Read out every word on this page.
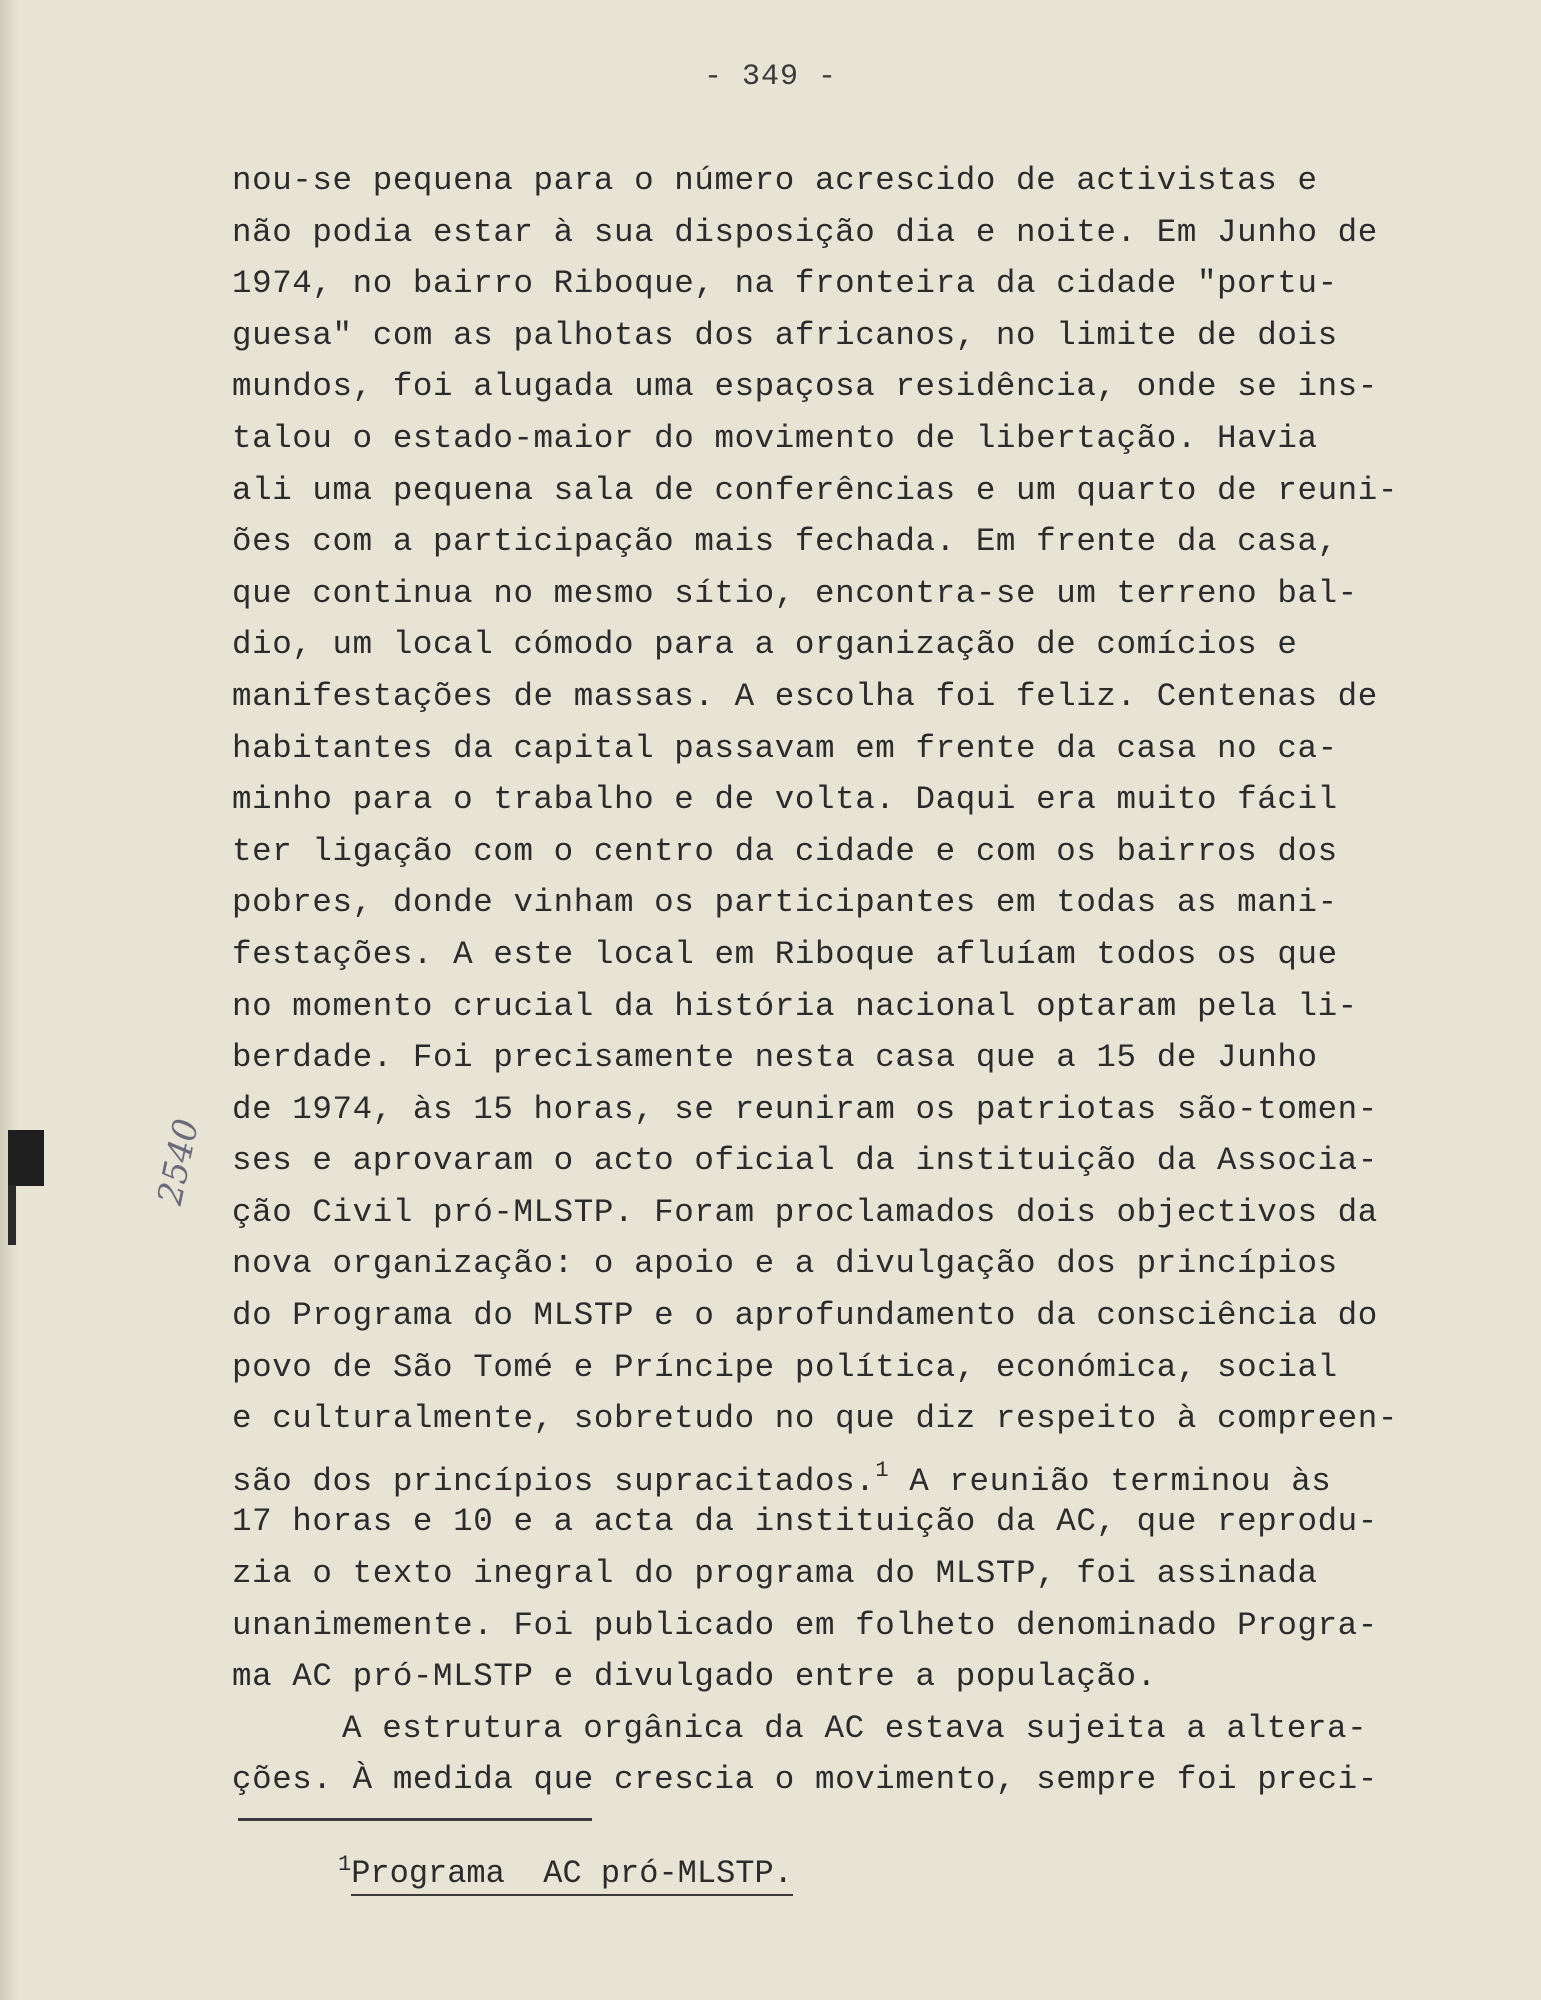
- 349 -
2540
nou-se pequena para o número acrescido de activistas e
não podia estar à sua disposição dia e noite. Em Junho de
1974, no bairro Riboque, na fronteira da cidade "portu-
guesa" com as palhotas dos africanos, no limite de dois
mundos, foi alugada uma espaçosa residência, onde se ins-
talou o estado-maior do movimento de libertação. Havia
ali uma pequena sala de conferências e um quarto de reuni-
ões com a participação mais fechada. Em frente da casa,
que continua no mesmo sítio, encontra-se um terreno bal-
dio, um local cómodo para a organização de comícios e
manifestações de massas. A escolha foi feliz. Centenas de
habitantes da capital passavam em frente da casa no ca-
minho para o trabalho e de volta. Daqui era muito fácil
ter ligação com o centro da cidade e com os bairros dos
pobres, donde vinham os participantes em todas as mani-
festações. A este local em Riboque afluíam todos os que
no momento crucial da história nacional optaram pela li-
berdade. Foi precisamente nesta casa que a 15 de Junho
de 1974, às 15 horas, se reuniram os patriotas são-tomen-
ses e aprovaram o acto oficial da instituição da Associa-
ção Civil pró-MLSTP. Foram proclamados dois objectivos da
nova organização: o apoio e a divulgação dos princípios
do Programa do MLSTP e o aprofundamento da consciência do
povo de São Tomé e Príncipe política, económica, social
e culturalmente, sobretudo no que diz respeito à compreen-
são dos princípios supracitados.$^1$ A reunião terminou às
17 horas e 10 e a acta da instituição da AC, que reprodu-
zia o texto inegral do programa do MLSTP, foi assinada
unanimemente. Foi publicado em folheto denominado Progra-
ma AC pró-MLSTP e divulgado entre a população.
A estrutura orgânica da AC estava sujeita a altera-
ções. À medida que crescia o movimento, sempre foi preci-
$^1$Programa  AC pró-MLSTP.
